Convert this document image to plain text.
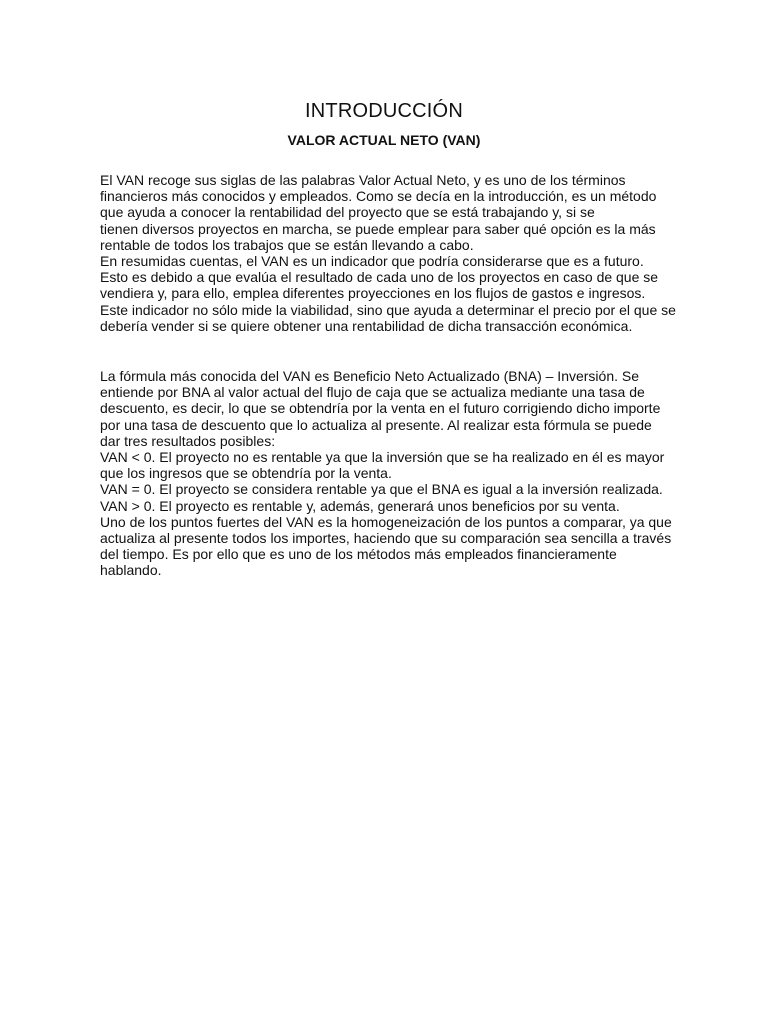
INTRODUCCIÓN
VALOR ACTUAL NETO (VAN)

El VAN recoge sus siglas de las palabras Valor Actual Neto, y es uno de los términos
financieros más conocidos y empleados. Como se decía en la introducción, es un método
que ayuda a conocer la rentabilidad del proyecto que se está trabajando y, si se
tienen diversos proyectos en marcha, se puede emplear para saber qué opción es la más
rentable de todos los trabajos que se están llevando a cabo.
En resumidas cuentas, el VAN es un indicador que podría considerarse que es a futuro.
Esto es debido a que evalúa el resultado de cada uno de los proyectos en caso de que se
vendiera y, para ello, emplea diferentes proyecciones en los flujos de gastos e ingresos.
Este indicador no sólo mide la viabilidad, sino que ayuda a determinar el precio por el que se
debería vender si se quiere obtener una rentabilidad de dicha transacción económica.

La fórmula más conocida del VAN es Beneficio Neto Actualizado (BNA) – Inversión. Se
entiende por BNA al valor actual del flujo de caja que se actualiza mediante una tasa de
descuento, es decir, lo que se obtendría por la venta en el futuro corrigiendo dicho importe
por una tasa de descuento que lo actualiza al presente. Al realizar esta fórmula se puede
dar tres resultados posibles:
VAN < 0. El proyecto no es rentable ya que la inversión que se ha realizado en él es mayor
que los ingresos que se obtendría por la venta.
VAN = 0. El proyecto se considera rentable ya que el BNA es igual a la inversión realizada.
VAN > 0. El proyecto es rentable y, además, generará unos beneficios por su venta.
Uno de los puntos fuertes del VAN es la homogeneización de los puntos a comparar, ya que
actualiza al presente todos los importes, haciendo que su comparación sea sencilla a través
del tiempo. Es por ello que es uno de los métodos más empleados financieramente
hablando.
